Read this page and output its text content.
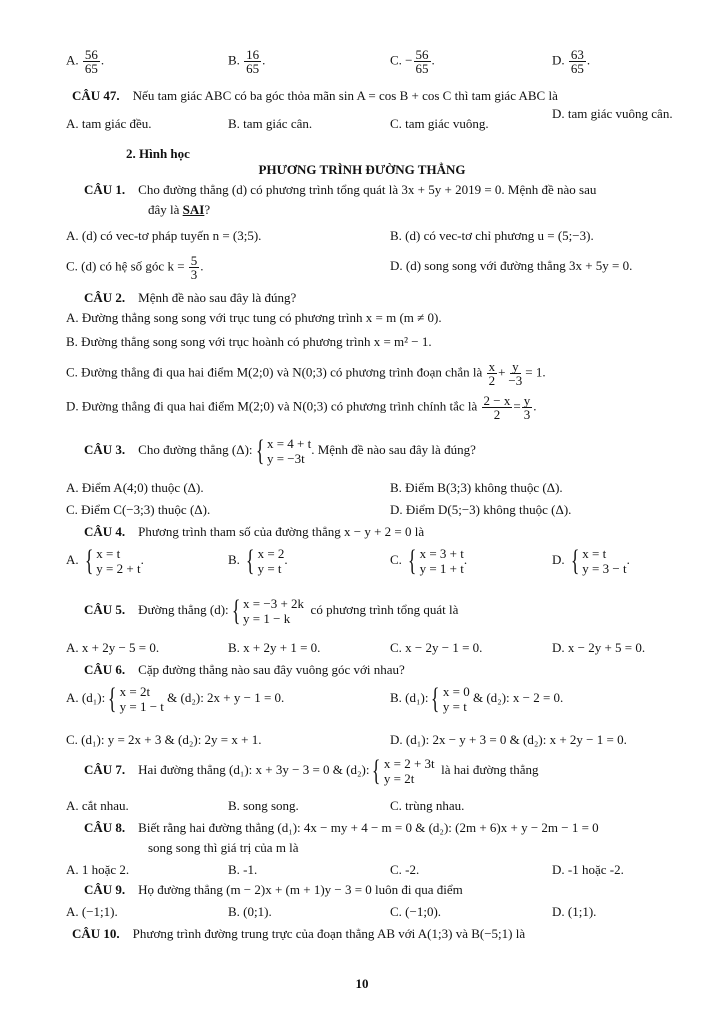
A. $\frac{56}{65}$ .	B. $\frac{16}{65}$ .	C. − $\frac{56}{65}$ .	D. $\frac{63}{65}$ .
CÂU 47. Nếu tam giác ABC có ba góc thỏa mãn sin A = cos B + cos C thì tam giác ABC là
A. tam giác đều.	B. tam giác cân.	C. tam giác vuông.
D. tam giác vuông cân.
2. Hình học
PHƯƠNG TRÌNH ĐƯỜNG THẲNG
CÂU 1. Cho đường thẳng (d) có phương trình tổng quát là 3x + 5y + 2019 = 0. Mệnh đề nào sau
đây là SAI?
A. (d) có vec-tơ pháp tuyến n = (3;5).	B. (d) có vec-tơ chỉ phương u = (5;−3).
C. (d) có hệ số góc $k = \frac{5}{3}$ .	D. (d) song song với đường thẳng 3x + 5y = 0.
CÂU 2. Mệnh đề nào sau đây là đúng?
A. Đường thẳng song song với trục tung có phương trình x = m (m ≠ 0).
B. Đường thẳng song song với trục hoành có phương trình x = m² − 1.
C. Đường thẳng đi qua hai điểm M(2;0) và N(0;3) có phương trình đoạn chắn là $\frac{x}{2} + \frac{y}{-3} = 1$.
D. Đường thẳng đi qua hai điểm M(2;0) và N(0;3) có phương trình chính tắc là $\frac{2 - x}{2} = \frac{y}{3}$ .
CÂU 3. Cho đường thẳng (Δ): { x = 4 + t
y = −3t
. Mệnh đề nào sau đây là đúng?
A. Điểm A(4;0) thuộc (Δ).	B. Điểm B(3;3) không thuộc (Δ).
C. Điểm C(−3;3) thuộc (Δ).	D. Điểm D(5;−3) không thuộc (Δ).
CÂU 4. Phương trình tham số của đường thẳng x − y + 2 = 0 là
A. { x = t
y = 2 + t
.	B. { x = 2
y = t
.	C. { x = 3 + t
y = 1 + t
.	D. { x = t
y = 3 − t
.
CÂU 5. Đường thẳng (d): { x = −3 + 2k
y = 1 − k
có phương trình tổng quát là
A. x + 2y − 5 = 0.	B. x + 2y + 1 = 0.	C. x − 2y − 1 = 0.	D. x − 2y + 5 = 0.
CÂU 6. Cặp đường thẳng nào sau đây vuông góc với nhau?
A. (d₁): { x = 2t
y = 1 − t
& (d₂): 2x + y − 1 = 0.	B. (d₁): { x = 0
y = t
& (d₂): x − 2 = 0.
C. (d₁): y = 2x + 3 & (d₂): 2y = x + 1.	D. (d₁): 2x − y + 3 = 0 & (d₂): x + 2y − 1 = 0.
CÂU 7. Hai đường thẳng (d₁): x + 3y − 3 = 0 & (d₂): { x = 2 + 3t
y = 2t
là hai đường thẳng
A. cắt nhau.	B. song song.	C. trùng nhau.
CÂU 8. Biết rằng hai đường thẳng (d₁): 4x − my + 4 − m = 0 & (d₂): (2m + 6)x + y − 2m − 1 = 0
song song thì giá trị của m là
A. 1 hoặc 2.	B. -1.	C. -2.	D. -1 hoặc -2.
CÂU 9. Họ đường thẳng (m − 2)x + (m + 1)y − 3 = 0 luôn đi qua điểm
A. (−1;1).	B. (0;1).	C. (−1;0).	D. (1;1).
CÂU 10. Phương trình đường trung trực của đoạn thẳng AB với A(1;3) và B(−5;1) là
10
